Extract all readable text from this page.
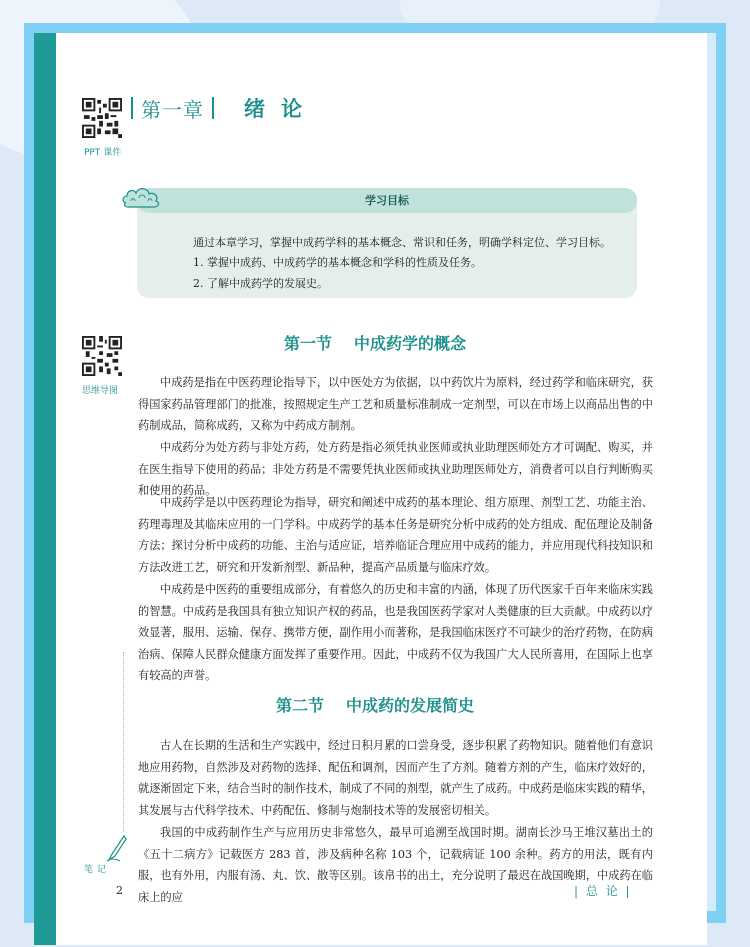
PPT 课件
思维导图
第一章 绪论
学习目标
通过本章学习，掌握中成药学科的基本概念、常识和任务，明确学科定位、学习目标。
1. 掌握中成药、中成药学的基本概念和学科的性质及任务。
2. 了解中成药学的发展史。
第一节 中成药学的概念

中成药是指在中医药理论指导下，以中医处方为依据，以中药饮片为原料，经过药学和临床研究，获得国家药品管理部门的批准，按照规定生产工艺和质量标准制成一定剂型，可以在市场上以商品出售的中药制成品，简称成药，又称为中药成方制剂。

中成药分为处方药与非处方药，处方药是指必须凭执业医师或执业助理医师处方才可调配、购买，并在医生指导下使用的药品；非处方药是不需要凭执业医师或执业助理医师处方，消费者可以自行判断购买和使用的药品。

中成药学是以中医药理论为指导，研究和阐述中成药的基本理论、组方原理、剂型工艺、功能主治、药理毒理及其临床应用的一门学科。中成药学的基本任务是研究分析中成药的处方组成、配伍理论及制备方法；探讨分析中成药的功能、主治与适应证，培养临证合理应用中成药的能力，并应用现代科技知识和方法改进工艺，研究和开发新剂型、新品种，提高产品质量与临床疗效。

中成药是中医药的重要组成部分，有着悠久的历史和丰富的内涵，体现了历代医家千百年来临床实践的智慧。中成药是我国具有独立知识产权的药品，也是我国医药学家对人类健康的巨大贡献。中成药以疗效显著，服用、运输、保存、携带方便，副作用小而著称，是我国临床医疗不可缺少的治疗药物，在防病治病、保障人民群众健康方面发挥了重要作用。因此，中成药不仅为我国广大人民所喜用，在国际上也享有较高的声誉。

第二节 中成药的发展简史

古人在长期的生活和生产实践中，经过日积月累的口尝身受，逐步积累了药物知识。随着他们有意识地应用药物，自然涉及对药物的选择、配伍和调剂，因而产生了方剂。随着方剂的产生，临床疗效好的，就逐渐固定下来，结合当时的制作技术，制成了不同的剂型，就产生了成药。中成药是临床实践的精华，其发展与古代科学技术、中药配伍、修制与炮制技术等的发展密切相关。

我国的中成药制作生产与应用历史非常悠久，最早可追溯至战国时期。湖南长沙马王堆汉墓出土的《五十二病方》记载医方 283 首，涉及病种名称 103 个，记载病证 100 余种。药方的用法，既有内服，也有外用，内服有汤、丸、饮、散等区别。该帛书的出土，充分说明了最迟在战国晚期，中成药在临床上的应

笔记
2	| 总 论 |
